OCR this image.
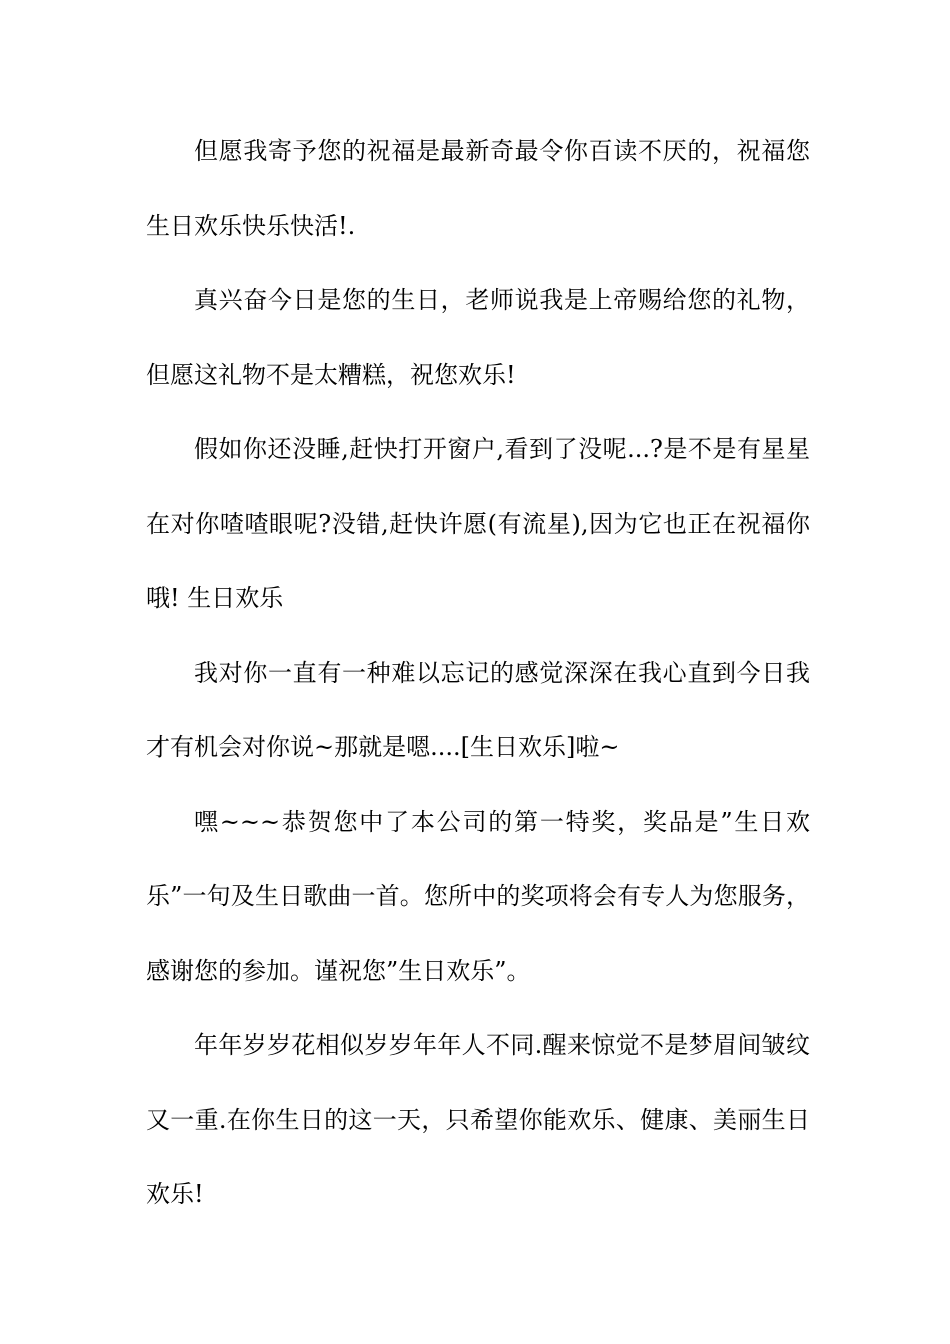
但愿我寄予您的祝福是最新奇最令你百读不厌的，祝福您生日欢乐快乐快活!.

真兴奋今日是您的生日，老师说我是上帝赐给您的礼物，但愿这礼物不是太糟糕，祝您欢乐!

假如你还没睡,赶快打开窗户,看到了没呢...?是不是有星星在对你喳喳眼呢?没错,赶快许愿(有流星),因为它也正在祝福你哦! 生日欢乐

我对你一直有一种难以忘记的感觉深深在我心直到今日我才有机会对你说~那就是嗯....[生日欢乐]啦~

嘿~~~恭贺您中了本公司的第一特奖，奖品是”生日欢乐”一句及生日歌曲一首。您所中的奖项将会有专人为您服务，感谢您的参加。谨祝您”生日欢乐”。

年年岁岁花相似岁岁年年人不同.醒来惊觉不是梦眉间皱纹又一重.在你生日的这一天，只希望你能欢乐、健康、美丽生日欢乐!
